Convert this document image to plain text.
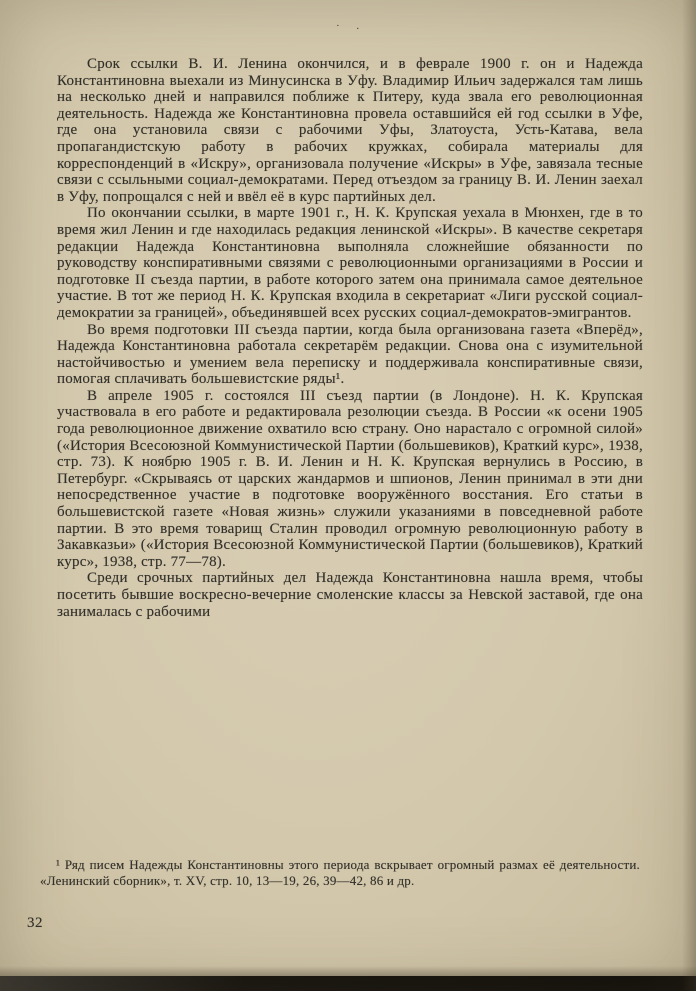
· .

Срок ссылки В. И. Ленина окончился, и в феврале 1900 г. он и Надежда Константиновна выехали из Минусинска в Уфу. Владимир Ильич задержался там лишь на несколько дней и направился поближе к Питеру, куда звала его революционная деятельность. Надежда же Константиновна провела оставшийся ей год ссылки в Уфе, где она установила связи с рабочими Уфы, Златоуста, Усть-Катава, вела пропагандистскую работу в рабочих кружках, собирала материалы для корреспонденций в «Искру», организовала получение «Искры» в Уфе, завязала тесные связи с ссыльными социал-демократами. Перед отъездом за границу В. И. Ленин заехал в Уфу, попрощался с ней и ввёл её в курс партийных дел.

По окончании ссылки, в марте 1901 г., Н. К. Крупская уехала в Мюнхен, где в то время жил Ленин и где находилась редакция ленинской «Искры». В качестве секретаря редакции Надежда Константиновна выполняла сложнейшие обязанности по руководству конспиративными связями с революционными организациями в России и подготовке II съезда партии, в работе которого затем она принимала самое деятельное участие. В тот же период Н. К. Крупская входила в секретариат «Лиги русской социал-демократии за границей», объединявшей всех русских социал-демократов-эмигрантов.

Во время подготовки III съезда партии, когда была организована газета «Вперёд», Надежда Константиновна работала секретарём редакции. Снова она с изумительной настойчивостью и умением вела переписку и поддерживала конспиративные связи, помогая сплачивать большевистские ряды¹.

В апреле 1905 г. состоялся III съезд партии (в Лондоне). Н. К. Крупская участвовала в его работе и редактировала резолюции съезда. В России «к осени 1905 года революционное движение охватило всю страну. Оно нарастало с огромной силой» («История Всесоюзной Коммунистической Партии (большевиков), Краткий курс», 1938, стр. 73). К ноябрю 1905 г. В. И. Ленин и Н. К. Крупская вернулись в Россию, в Петербург. «Скрываясь от царских жандармов и шпионов, Ленин принимал в эти дни непосредственное участие в подготовке вооружённого восстания. Его статьи в большевистской газете «Новая жизнь» служили указаниями в повседневной работе партии. В это время товарищ Сталин проводил огромную революционную работу в Закавказьи» («История Всесоюзной Коммунистической Партии (большевиков), Краткий курс», 1938, стр. 77—78).

Среди срочных партийных дел Надежда Константиновна нашла время, чтобы посетить бывшие воскресно-вечерние смоленские классы за Невской заставой, где она занималась с рабочими

¹ Ряд писем Надежды Константиновны этого периода вскрывает огромный размах её деятельности. «Ленинский сборник», т. XV, стр. 10, 13—19, 26, 39—42, 86 и др.
32
